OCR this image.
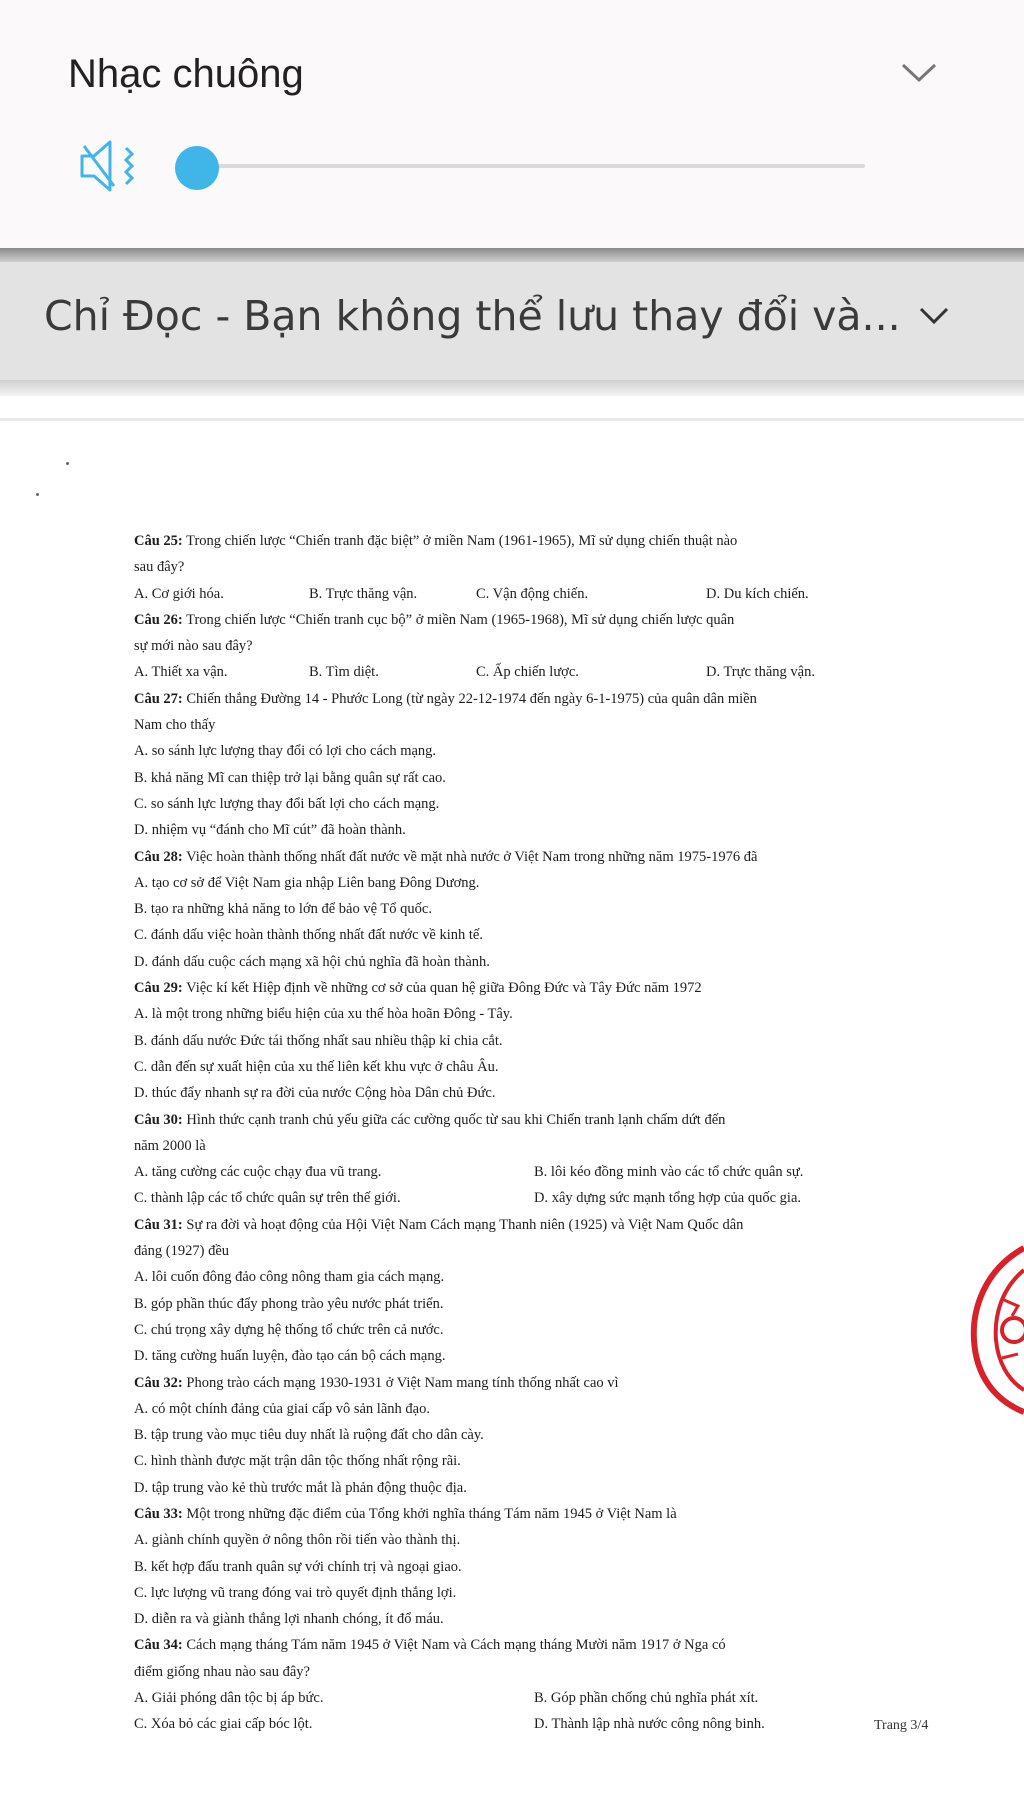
Nhạc chuông
Chỉ Đọc - Bạn không thể lưu thay đổi và...
Câu 25: Trong chiến lược “Chiến tranh đặc biệt” ở miền Nam (1961-1965), Mĩ sử dụng chiến thuật nào
sau đây?
A. Cơ giới hóa.	B. Trực thăng vận.	C. Vận động chiến.	D. Du kích chiến.
Câu 26: Trong chiến lược “Chiến tranh cục bộ” ở miền Nam (1965-1968), Mĩ sử dụng chiến lược quân
sự mới nào sau đây?
A. Thiết xa vận.	B. Tìm diệt.	C. Ấp chiến lược.	D. Trực thăng vận.
Câu 27: Chiến thắng Đường 14 - Phước Long (từ ngày 22-12-1974 đến ngày 6-1-1975) của quân dân miền
Nam cho thấy
A. so sánh lực lượng thay đổi có lợi cho cách mạng.
B. khả năng Mĩ can thiệp trở lại bằng quân sự rất cao.
C. so sánh lực lượng thay đổi bất lợi cho cách mạng.
D. nhiệm vụ “đánh cho Mĩ cút” đã hoàn thành.
Câu 28: Việc hoàn thành thống nhất đất nước về mặt nhà nước ở Việt Nam trong những năm 1975-1976 đã
A. tạo cơ sở để Việt Nam gia nhập Liên bang Đông Dương.
B. tạo ra những khả năng to lớn để bảo vệ Tổ quốc.
C. đánh dấu việc hoàn thành thống nhất đất nước về kinh tế.
D. đánh dấu cuộc cách mạng xã hội chủ nghĩa đã hoàn thành.
Câu 29: Việc kí kết Hiệp định về những cơ sở của quan hệ giữa Đông Đức và Tây Đức năm 1972
A. là một trong những biểu hiện của xu thế hòa hoãn Đông - Tây.
B. đánh dấu nước Đức tái thống nhất sau nhiều thập kỉ chia cắt.
C. dẫn đến sự xuất hiện của xu thế liên kết khu vực ở châu Âu.
D. thúc đẩy nhanh sự ra đời của nước Cộng hòa Dân chủ Đức.
Câu 30: Hình thức cạnh tranh chủ yếu giữa các cường quốc từ sau khi Chiến tranh lạnh chấm dứt đến
năm 2000 là
A. tăng cường các cuộc chạy đua vũ trang.	B. lôi kéo đồng minh vào các tổ chức quân sự.
C. thành lập các tổ chức quân sự trên thế giới.	D. xây dựng sức mạnh tổng hợp của quốc gia.
Câu 31: Sự ra đời và hoạt động của Hội Việt Nam Cách mạng Thanh niên (1925) và Việt Nam Quốc dân
đảng (1927) đều
A. lôi cuốn đông đảo công nông tham gia cách mạng.
B. góp phần thúc đẩy phong trào yêu nước phát triển.
C. chú trọng xây dựng hệ thống tổ chức trên cả nước.
D. tăng cường huấn luyện, đào tạo cán bộ cách mạng.
Câu 32: Phong trào cách mạng 1930-1931 ở Việt Nam mang tính thống nhất cao vì
A. có một chính đảng của giai cấp vô sản lãnh đạo.
B. tập trung vào mục tiêu duy nhất là ruộng đất cho dân cày.
C. hình thành được mặt trận dân tộc thống nhất rộng rãi.
D. tập trung vào kẻ thù trước mắt là phản động thuộc địa.
Câu 33: Một trong những đặc điểm của Tổng khởi nghĩa tháng Tám năm 1945 ở Việt Nam là
A. giành chính quyền ở nông thôn rồi tiến vào thành thị.
B. kết hợp đấu tranh quân sự với chính trị và ngoại giao.
C. lực lượng vũ trang đóng vai trò quyết định thắng lợi.
D. diễn ra và giành thắng lợi nhanh chóng, ít đổ máu.
Câu 34: Cách mạng tháng Tám năm 1945 ở Việt Nam và Cách mạng tháng Mười năm 1917 ở Nga có
điểm giống nhau nào sau đây?
A. Giải phóng dân tộc bị áp bức.	B. Góp phần chống chủ nghĩa phát xít.
C. Xóa bỏ các giai cấp bóc lột.	D. Thành lập nhà nước công nông binh.	Trang 3/4
